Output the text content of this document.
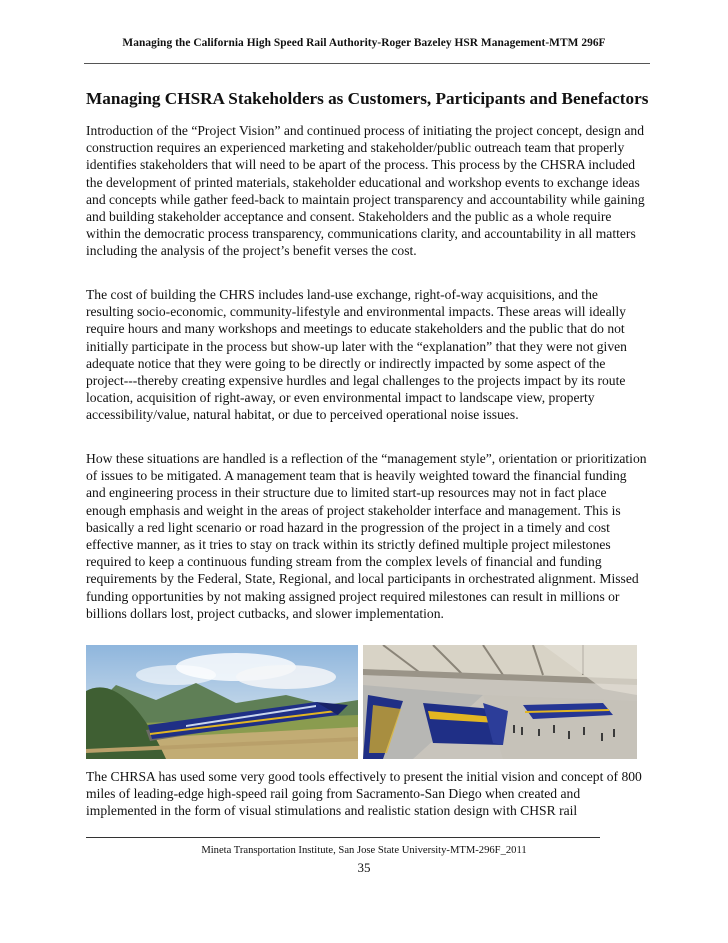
Managing the California High Speed Rail Authority-Roger Bazeley HSR Management-MTM 296F
Managing CHSRA Stakeholders as Customers, Participants and Benefactors

Introduction of the “Project Vision” and continued process of initiating the project concept, design and construction requires an experienced marketing and stakeholder/public outreach team that properly identifies stakeholders that will need to be apart of the process. This process by the CHSRA included the development of printed materials, stakeholder educational and workshop events to exchange ideas and concepts while gather feed-back to maintain project transparency and accountability while gaining and building stakeholder acceptance and consent. Stakeholders and the public as a whole require within the democratic process transparency, communications clarity, and accountability in all matters including the analysis of the project’s benefit verses the cost.

The cost of building the CHRS includes land-use exchange, right-of-way acquisitions, and the resulting socio-economic, community-lifestyle and environmental impacts. These areas will ideally require hours and many workshops and meetings to educate stakeholders and the public that do not initially participate in the process but show-up later with the “explanation” that they were not given adequate notice that they were going to be directly or indirectly impacted by some aspect of the project---thereby creating expensive hurdles and legal challenges to the projects impact by its route location, acquisition of right-away, or even environmental impact to landscape view, property accessibility/value, natural habitat, or due to perceived operational noise issues.

How these situations are handled is a reflection of the “management style”, orientation or prioritization of issues to be mitigated. A management team that is heavily weighted toward the financial funding and engineering process in their structure due to limited start-up resources may not in fact place enough emphasis and weight in the areas of project stakeholder interface and management. This is basically a red light scenario or road hazard in the progression of the project in a timely and cost effective manner, as it tries to stay on track within its strictly defined multiple project milestones required to keep a continuous funding stream from the complex levels of financial and funding requirements by the Federal, State, Regional, and local participants in orchestrated alignment. Missed funding opportunities by not making assigned project required milestones can result in millions or billions dollars lost, project cutbacks, and slower implementation.

The CHRSA has used some very good tools effectively to present the initial vision and concept of 800 miles of leading-edge high-speed rail going from Sacramento-San Diego when created and implemented in the form of visual stimulations and realistic station design with CHSR rail

Mineta Transportation Institute, San Jose State University-MTM-296F_2011
35
